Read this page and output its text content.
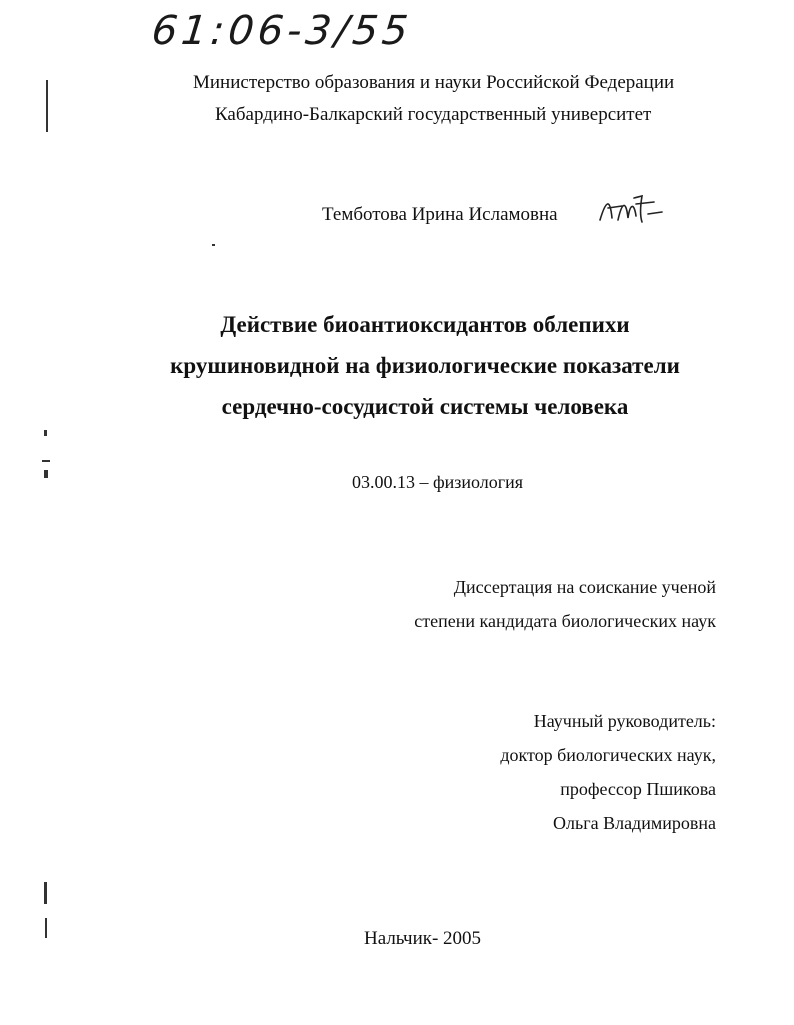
61:06-3/55
Министерство образования и науки Российской Федерации
Кабардино-Балкарский государственный университет
Темботова Ирина Исламовна
Действие биоантиоксидантов облепихи
крушиновидной на физиологические показатели
сердечно-сосудистой системы человека
03.00.13 – физиология
Диссертация на соискание ученой
степени кандидата биологических наук
Научный руководитель:
доктор биологических наук,
профессор Пшикова
Ольга Владимировна
Нальчик- 2005
